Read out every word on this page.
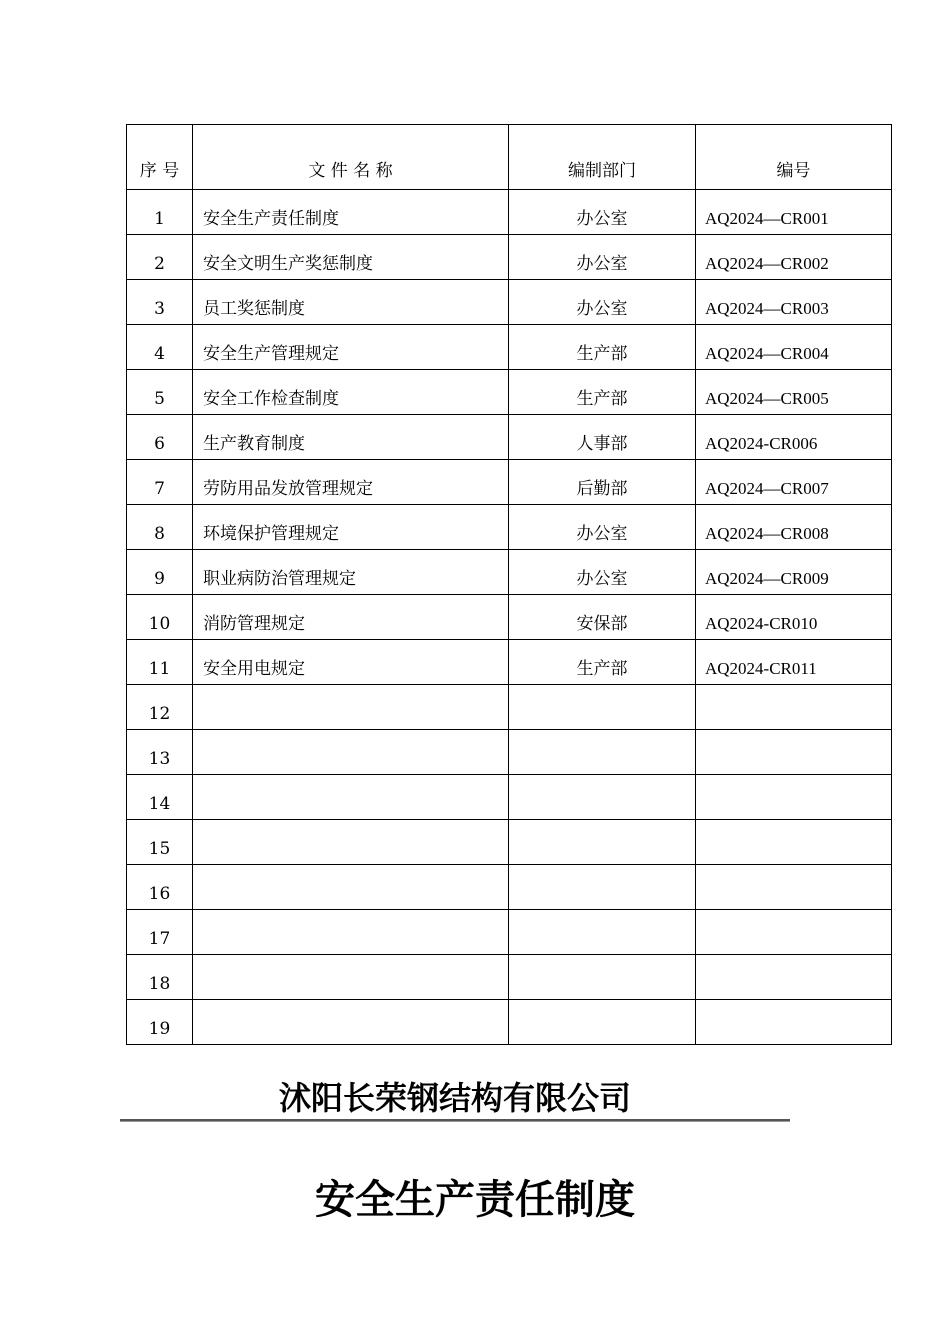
序 号	文 件 名 称	编制部门	编号
1	安全生产责任制度	办公室	AQ2024—CR001
2	安全文明生产奖惩制度	办公室	AQ2024—CR002
3	员工奖惩制度	办公室	AQ2024—CR003
4	安全生产管理规定	生产部	AQ2024—CR004
5	安全工作检查制度	生产部	AQ2024—CR005
6	生产教育制度	人事部	AQ2024-CR006
7	劳防用品发放管理规定	后勤部	AQ2024—CR007
8	环境保护管理规定	办公室	AQ2024—CR008
9	职业病防治管理规定	办公室	AQ2024—CR009
10	消防管理规定	安保部	AQ2024-CR010
11	安全用电规定	生产部	AQ2024-CR011
12			
13			
14			
15			
16			
17			
18			
19			
沭阳长荣钢结构有限公司
安全生产责任制度
